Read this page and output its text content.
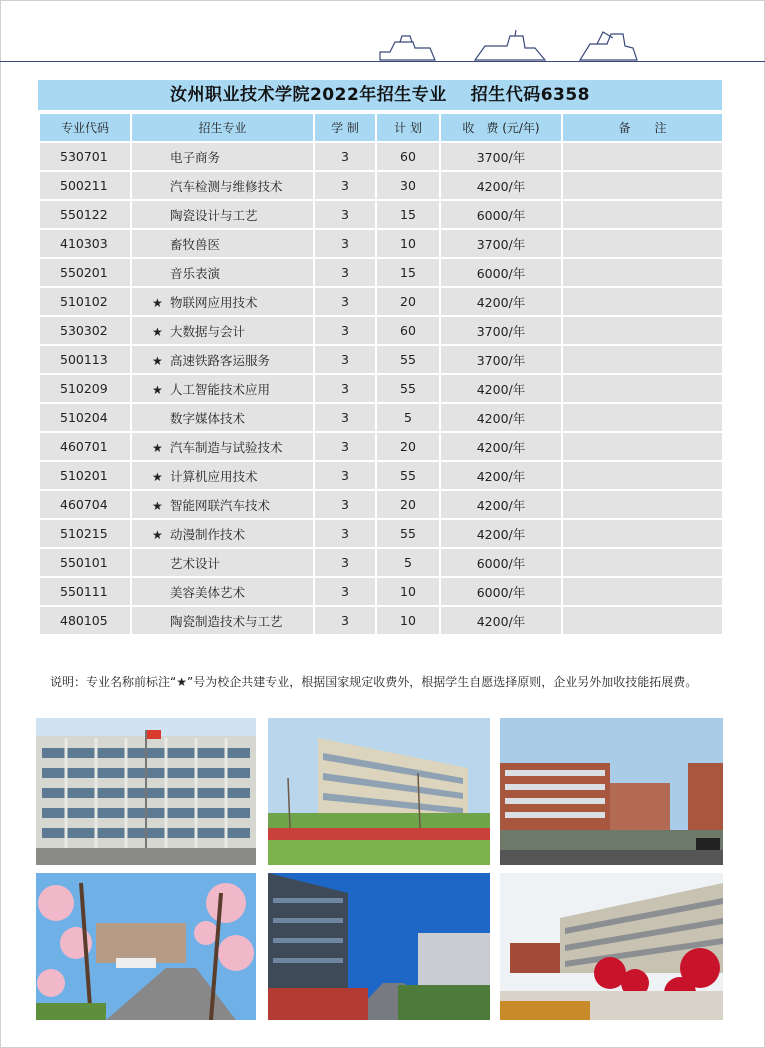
汝州职业技术学院2022年招生专业　 招生代码6358
专业代码	招生专业	学 制	计 划	收　费 (元/年)	备　　注
530701	电子商务	3	60	3700/年	
500211	汽车检测与维修技术	3	30	4200/年	
550122	陶瓷设计与工艺	3	15	6000/年	
410303	畜牧兽医	3	10	3700/年	
550201	音乐表演	3	15	6000/年	
510102	★ 物联网应用技术	3	20	4200/年	
530302	★ 大数据与会计	3	60	3700/年	
500113	★ 高速铁路客运服务	3	55	3700/年	
510209	★ 人工智能技术应用	3	55	4200/年	
510204	数字媒体技术	3	5	4200/年	
460701	★ 汽车制造与试验技术	3	20	4200/年	
510201	★ 计算机应用技术	3	55	4200/年	
460704	★ 智能网联汽车技术	3	20	4200/年	
510215	★ 动漫制作技术	3	55	4200/年	
550101	艺术设计	3	5	6000/年	
550111	美容美体艺术	3	10	6000/年	
480105	陶瓷制造技术与工艺	3	10	4200/年	
说明：专业名称前标注“★”号为校企共建专业，根据国家规定收费外，根据学生自愿选择原则，企业另外加收技能拓展费。
